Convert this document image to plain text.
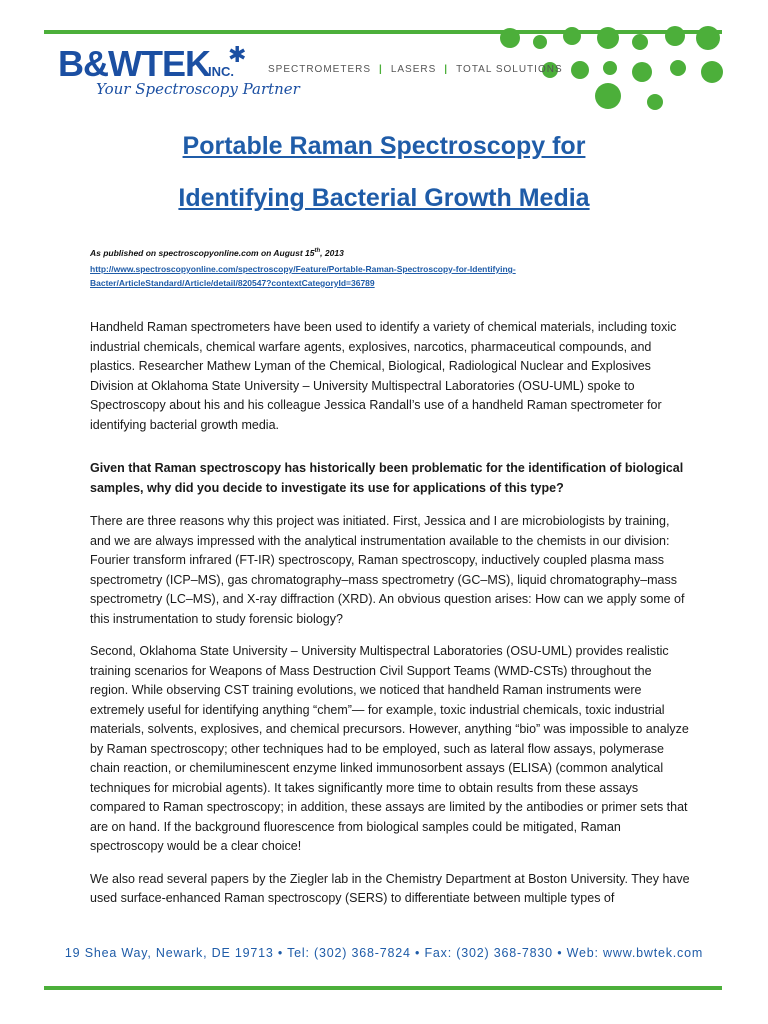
B&WTEK
INC.
✱
Your Spectroscopy Partner
SPECTROMETERS | LASERS | TOTAL SOLUTIONS
Portable Raman Spectroscopy for
Identifying Bacterial Growth Media
As published on spectroscopyonline.com on August 15th, 2013
http://www.spectroscopyonline.com/spectroscopy/Feature/Portable-Raman-Spectroscopy-for-Identifying-
Bacter/ArticleStandard/Article/detail/820547?contextCategoryId=36789

Handheld Raman spectrometers have been used to identify a variety of chemical materials, including toxic industrial chemicals, chemical warfare agents, explosives, narcotics, pharmaceutical compounds, and plastics. Researcher Mathew Lyman of the Chemical, Biological, Radiological Nuclear and Explosives Division at Oklahoma State University – University Multispectral Laboratories (OSU-UML) spoke to Spectroscopy about his and his colleague Jessica Randall’s use of a handheld Raman spectrometer for identifying bacterial growth media.

Given that Raman spectroscopy has historically been problematic for the identification of biological samples, why did you decide to investigate its use for applications of this type?

There are three reasons why this project was initiated. First, Jessica and I are microbiologists by training, and we are always impressed with the analytical instrumentation available to the chemists in our division: Fourier transform infrared (FT-IR) spectroscopy, Raman spectroscopy, inductively coupled plasma mass spectrometry (ICP–MS), gas chromatography–mass spectrometry (GC–MS), liquid chromatography–mass spectrometry (LC–MS), and X-ray diffraction (XRD). An obvious question arises: How can we apply some of this instrumentation to study forensic biology?

Second, Oklahoma State University – University Multispectral Laboratories (OSU-UML) provides realistic training scenarios for Weapons of Mass Destruction Civil Support Teams (WMD-CSTs) throughout the region. While observing CST training evolutions, we noticed that handheld Raman instruments were extremely useful for identifying anything “chem”— for example, toxic industrial chemicals, toxic industrial materials, solvents, explosives, and chemical precursors. However, anything “bio” was impossible to analyze by Raman spectroscopy; other techniques had to be employed, such as lateral flow assays, polymerase chain reaction, or chemiluminescent enzyme linked immunosorbent assays (ELISA) (common analytical techniques for microbial agents). It takes significantly more time to obtain results from these assays compared to Raman spectroscopy; in addition, these assays are limited by the antibodies or primer sets that are on hand. If the background fluorescence from biological samples could be mitigated, Raman spectroscopy would be a clear choice!

We also read several papers by the Ziegler lab in the Chemistry Department at Boston University. They have used surface-enhanced Raman spectroscopy (SERS) to differentiate between multiple types of

19 Shea Way, Newark, DE 19713 • Tel: (302) 368-7824 • Fax: (302) 368-7830 • Web: www.bwtek.com
